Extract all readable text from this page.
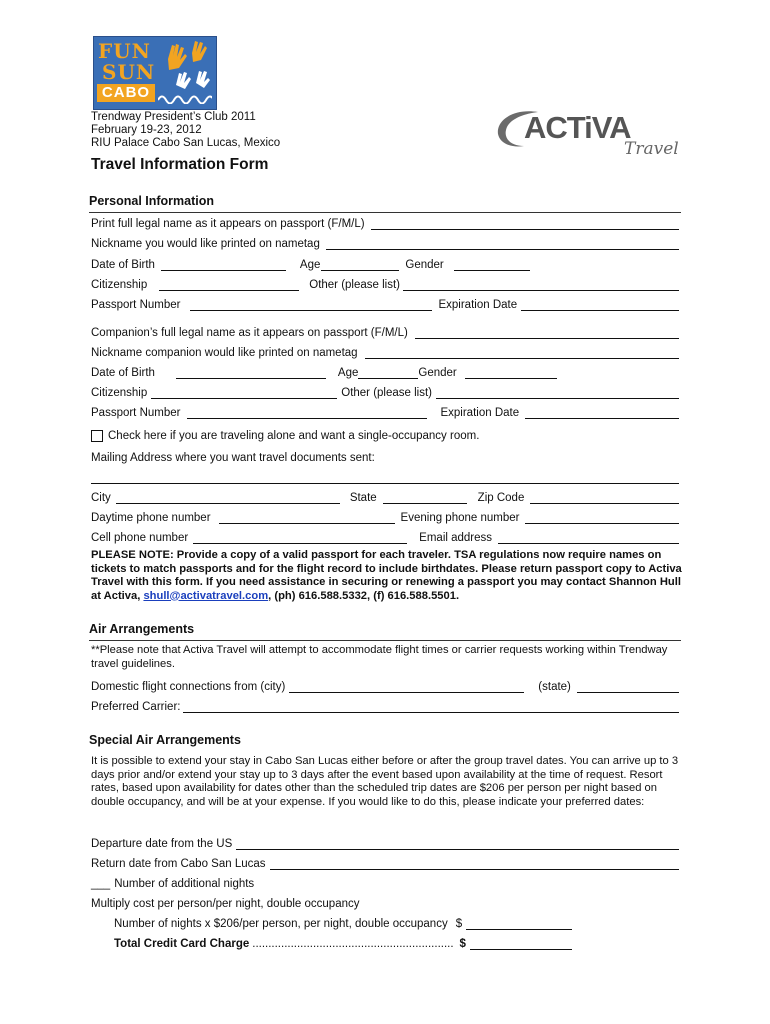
FUN
SUN
CABO
Trendway President’s Club 2011
February 19-23, 2012
RIU Palace Cabo San Lucas, Mexico	ACTiVA
Travel
Travel Information Form
Personal Information
Print full legal name as it appears on passport (F/M/L)
Nickname you would like printed on nametag
Date of Birth	Age	Gender
Citizenship	Other (please list)
Passport Number	Expiration Date
Companion’s full legal name as it appears on passport (F/M/L)
Nickname companion would like printed on nametag
Date of Birth	Age	Gender
Citizenship	Other (please list)
Passport Number	Expiration Date
Check here if you are traveling alone and want a single-occupancy room.
Mailing Address where you want travel documents sent:
City	State	Zip Code
Daytime phone number	Evening phone number
Cell phone number	Email address
PLEASE NOTE: Provide a copy of a valid passport for each traveler. TSA regulations now require names on tickets to match passports and for the flight record to include birthdates. Please return passport copy to Activa Travel with this form. If you need assistance in securing or renewing a passport you may contact Shannon Hull at Activa, shull@activatravel.com, (ph) 616.588.5332, (f) 616.588.5501.
Air Arrangements
**Please note that Activa Travel will attempt to accommodate flight times or carrier requests working within Trendway travel guidelines.
Domestic flight connections from (city)	(state)
Preferred Carrier:
Special Air Arrangements
It is possible to extend your stay in Cabo San Lucas either before or after the group travel dates. You can arrive up to 3 days prior and/or extend your stay up to 3 days after the event based upon availability at the time of request. Resort rates, based upon availability for dates other than the scheduled trip dates are $206 per person per night based on double occupancy, and will be at your expense. If you would like to do this, please indicate your preferred dates:
Departure date from the US
Return date from Cabo San Lucas
___ Number of additional nights
Multiply cost per person/per night, double occupancy
Number of nights x $206/per person, per night, double occupancy $
Total Credit Card Charge ............................................................... $
